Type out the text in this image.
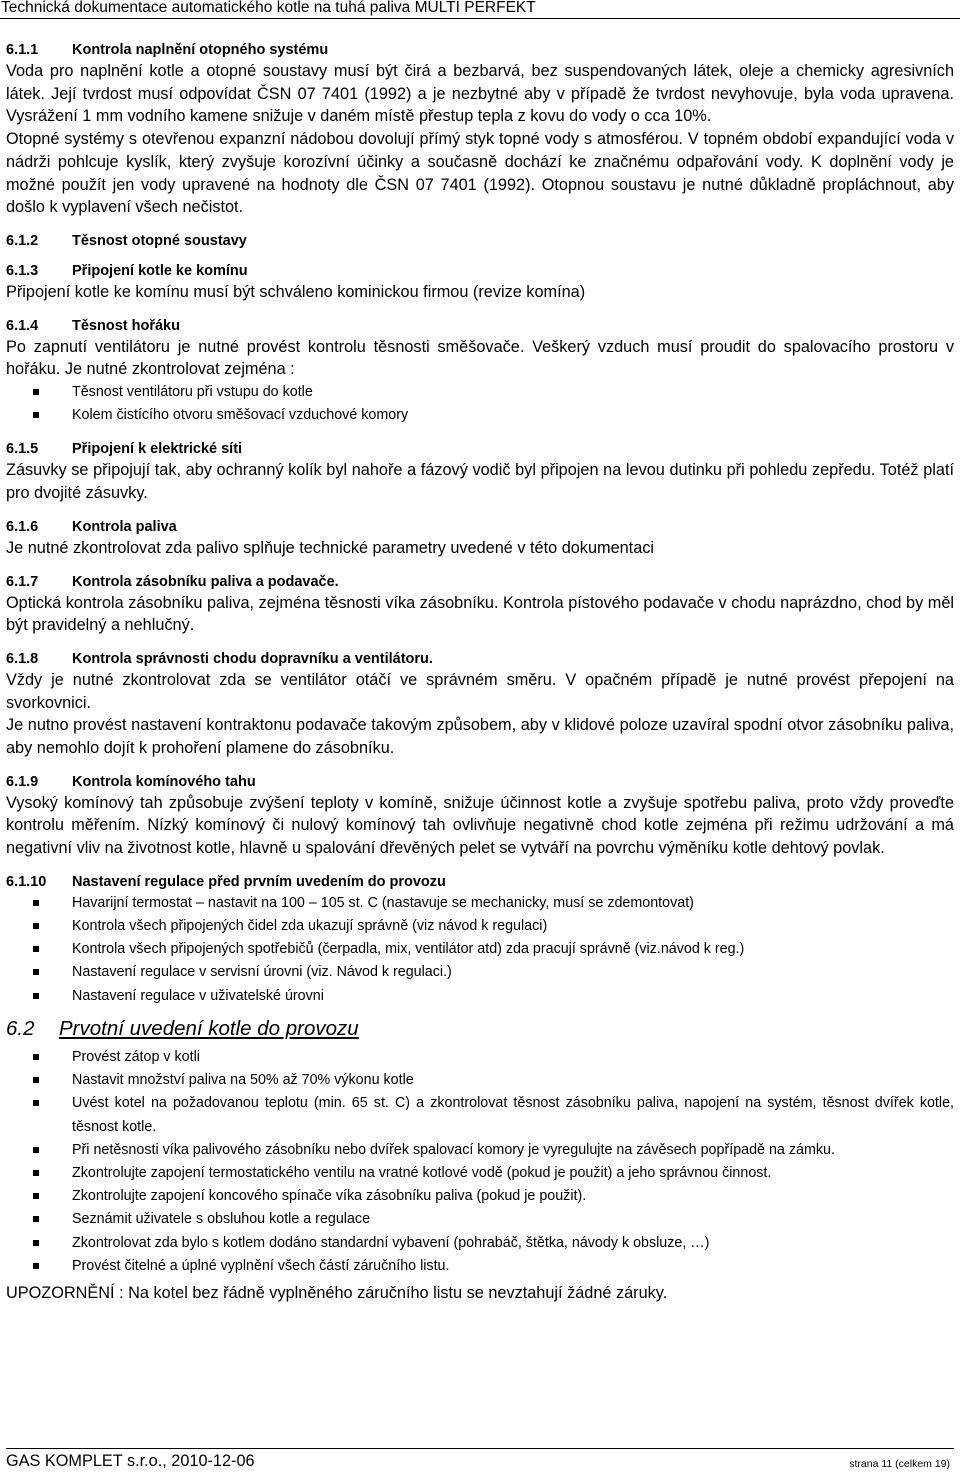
Technická dokumentace automatického kotle na tuhá paliva MULTI PERFEKT
6.1.1	Kontrola naplnění otopného systému

Voda pro naplnění kotle a otopné soustavy musí být čirá a bezbarvá, bez suspendovaných látek, oleje a chemicky agresivních látek. Její tvrdost musí odpovídat ČSN 07 7401 (1992) a je nezbytné aby v případě že tvrdost nevyhovuje, byla voda upravena. Vysrážení 1 mm vodního kamene snižuje v daném místě přestup tepla z kovu do vody o cca 10%.

Otopné systémy s otevřenou expanzní nádobou dovolují přímý styk topné vody s atmosférou. V topném období expandující voda v nádrži pohlcuje kyslík, který zvyšuje korozívní účinky a současně dochází ke značnému odpařování vody. K doplnění vody je možné použít jen vody upravené na hodnoty dle ČSN 07 7401 (1992). Otopnou soustavu je nutné důkladně propláchnout, aby došlo k vyplavení všech nečistot.

6.1.2	Těsnost otopné soustavy
6.1.3	Připojení kotle ke komínu

Připojení kotle ke komínu musí být schváleno kominickou firmou (revize komína)

6.1.4	Těsnost hořáku

Po zapnutí ventilátoru je nutné provést kontrolu těsnosti směšovače. Veškerý vzduch musí proudit do spalovacího prostoru v hořáku. Je nutné zkontrolovat zejména :

Těsnost ventilátoru při vstupu do kotle
Kolem čistícího otvoru směšovací vzduchové komory
6.1.5	Připojení k elektrické síti

Zásuvky se připojují tak, aby ochranný kolík byl nahoře a fázový vodič byl připojen na levou dutinku při pohledu zepředu. Totéž platí pro dvojité zásuvky.

6.1.6	Kontrola paliva

Je nutné zkontrolovat zda palivo splňuje technické parametry uvedené v této dokumentaci

6.1.7	Kontrola zásobníku paliva a podavače.

Optická kontrola zásobníku paliva, zejména těsnosti víka zásobníku. Kontrola pístového podavače v chodu naprázdno, chod by měl být pravidelný a nehlučný.

6.1.8	Kontrola správnosti chodu dopravníku a ventilátoru.

Vždy je nutné zkontrolovat zda se ventilátor otáčí ve správném směru. V opačném případě je nutné provést přepojení na svorkovnici.

Je nutno provést nastavení kontraktonu podavače takovým způsobem, aby v klidové poloze uzavíral spodní otvor zásobníku paliva, aby nemohlo dojít k prohoření plamene do zásobníku.

6.1.9	Kontrola komínového tahu

Vysoký komínový tah způsobuje zvýšení teploty v komíně, snižuje účinnost kotle a zvyšuje spotřebu paliva, proto vždy proveďte kontrolu měřením. Nízký komínový či nulový komínový tah ovlivňuje negativně chod kotle zejména při režimu udržování a má negativní vliv na životnost kotle, hlavně u spalování dřevěných pelet se vytváří na povrchu výměníku kotle dehtový povlak.

6.1.10	Nastavení regulace před prvním uvedením do provozu
Havarijní termostat – nastavit na 100 – 105 st. C (nastavuje se mechanicky, musí se zdemontovat)
Kontrola všech připojených čidel zda ukazují správně (viz návod k regulaci)
Kontrola všech připojených spotřebičů (čerpadla, mix, ventilátor atd) zda pracují správně (viz.návod k reg.)
Nastavení regulace v servisní úrovni (viz. Návod k regulaci.)
Nastavení regulace v uživatelské úrovni
6.2	Prvotní uvedení kotle do provozu
Provést zátop v kotli
Nastavit množství paliva na 50% až 70% výkonu kotle
Uvést kotel na požadovanou teplotu (min. 65 st. C) a zkontrolovat těsnost zásobníku paliva, napojení na systém, těsnost dvířek kotle, těsnost kotle.
Při netěsnosti víka palivového zásobníku nebo dvířek spalovací komory je vyregulujte na závěsech popřípadě na zámku.
Zkontrolujte zapojení termostatického ventilu na vratné kotlové vodě (pokud je použit) a jeho správnou činnost.
Zkontrolujte zapojení koncového spínače víka zásobníku paliva (pokud je použit).
Seznámit uživatele s obsluhou kotle a regulace
Zkontrolovat zda bylo s kotlem dodáno standardní vybavení (pohrabáč, štětka, návody k obsluze, …)
Provést čitelné a úplné vyplnění všech částí záručního listu.

UPOZORNĚNÍ : Na kotel bez řádně vyplněného záručního listu se nevztahují žádné záruky.

GAS KOMPLET s.r.o., 2010-12-06	strana 11 (celkem 19)
